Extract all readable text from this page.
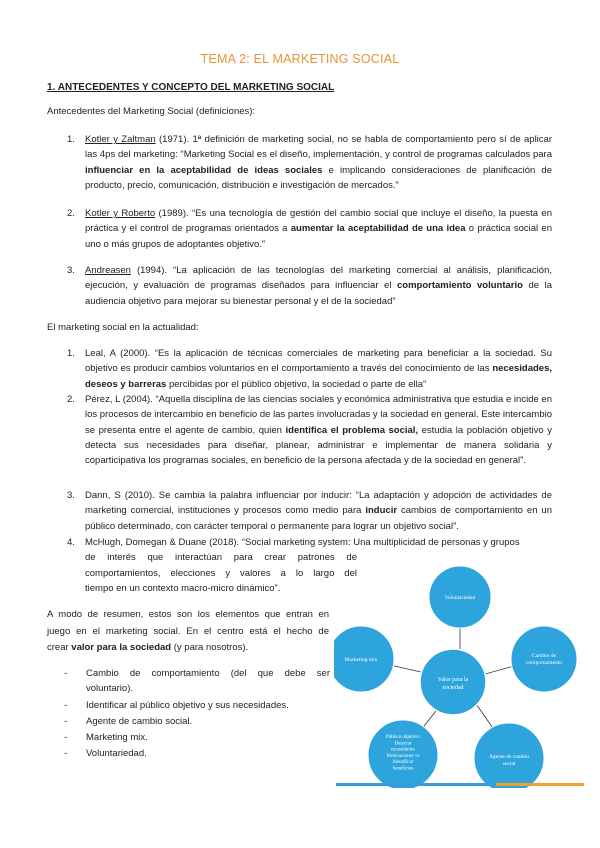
TEMA 2: EL MARKETING SOCIAL
1. ANTECEDENTES Y CONCEPTO DEL MARKETING SOCIAL
Antecedentes del Marketing Social (definiciones):
1. Kotler y Zaltman (1971). 1ª definición de marketing social, no se habla de comportamiento pero sí de aplicar las 4ps del marketing: “Marketing Social es el diseño, implementación, y control de programas calculados para influenciar en la aceptabilidad de ideas sociales e implicando consideraciones de planificación de producto, precio, comunicación, distribución e investigación de mercados.”
2. Kotler y Roberto (1989). “Es una tecnología de gestión del cambio social que incluye el diseño, la puesta en práctica y el control de programas orientados a aumentar la aceptabilidad de una idea o práctica social en uno o más grupos de adoptantes objetivo.”
3. Andreasen (1994). “La aplicación de las tecnologías del marketing comercial al análisis, planificación, ejecución, y evaluación de programas diseñados para influenciar el comportamiento voluntario de la audiencia objetivo para mejorar su bienestar personal y el de la sociedad”
El marketing social en la actualidad:
1. Leal, A (2000). “Es la aplicación de técnicas comerciales de marketing para beneficiar a la sociedad. Su objetivo es producir cambios voluntarios en el comportamiento a través del conocimiento de las necesidades, deseos y barreras percibidas por el público objetivo, la sociedad o parte de ella”
2. Pérez, L (2004). “Aquella disciplina de las ciencias sociales y económica administrativa que estudia e incide en los procesos de intercambio en beneficio de las partes involucradas y la sociedad en general. Este intercambio se presenta entre el agente de cambio, quien identifica el problema social, estudia la población objetivo y detecta sus necesidades para diseñar, planear, administrar e implementar de manera solidaria y coparticipativa los programas sociales, en beneficio de la persona afectada y de la sociedad en general”.
3. Dann, S (2010). Se cambia la palabra influenciar por inducir: “La adaptación y adopción de actividades de marketing comercial, instituciones y procesos como medio para inducir cambios de comportamiento en un público determinado, con carácter temporal o permanente para lograr un objetivo social”.
4. McHugh, Domegan & Duane (2018). “Social marketing system: Una multiplicidad de personas y grupos
de interés que interactúan para crear patrones de
comportamientos, elecciones y valores a lo largo del
tiempo en un contexto macro-micro dinámico”.
A modo de resumen, estos son los elementos que entran en
juego en el marketing social. En el centro está el hecho de
crear valor para la sociedad (y para nosotros).
- Cambio de comportamiento (del que debe ser
voluntario).
- Identificar al público objetivo y sus necesidades.
- Agente de cambio social.
- Marketing mix.
- Voluntariedad.
Voluntariedad
Cambio de comportamiento
Agente de cambio social
Marketing mix
Valor para la sociedad
Público objetivo: Detectar necesidades Motivaciones vs Identificar beneficios
